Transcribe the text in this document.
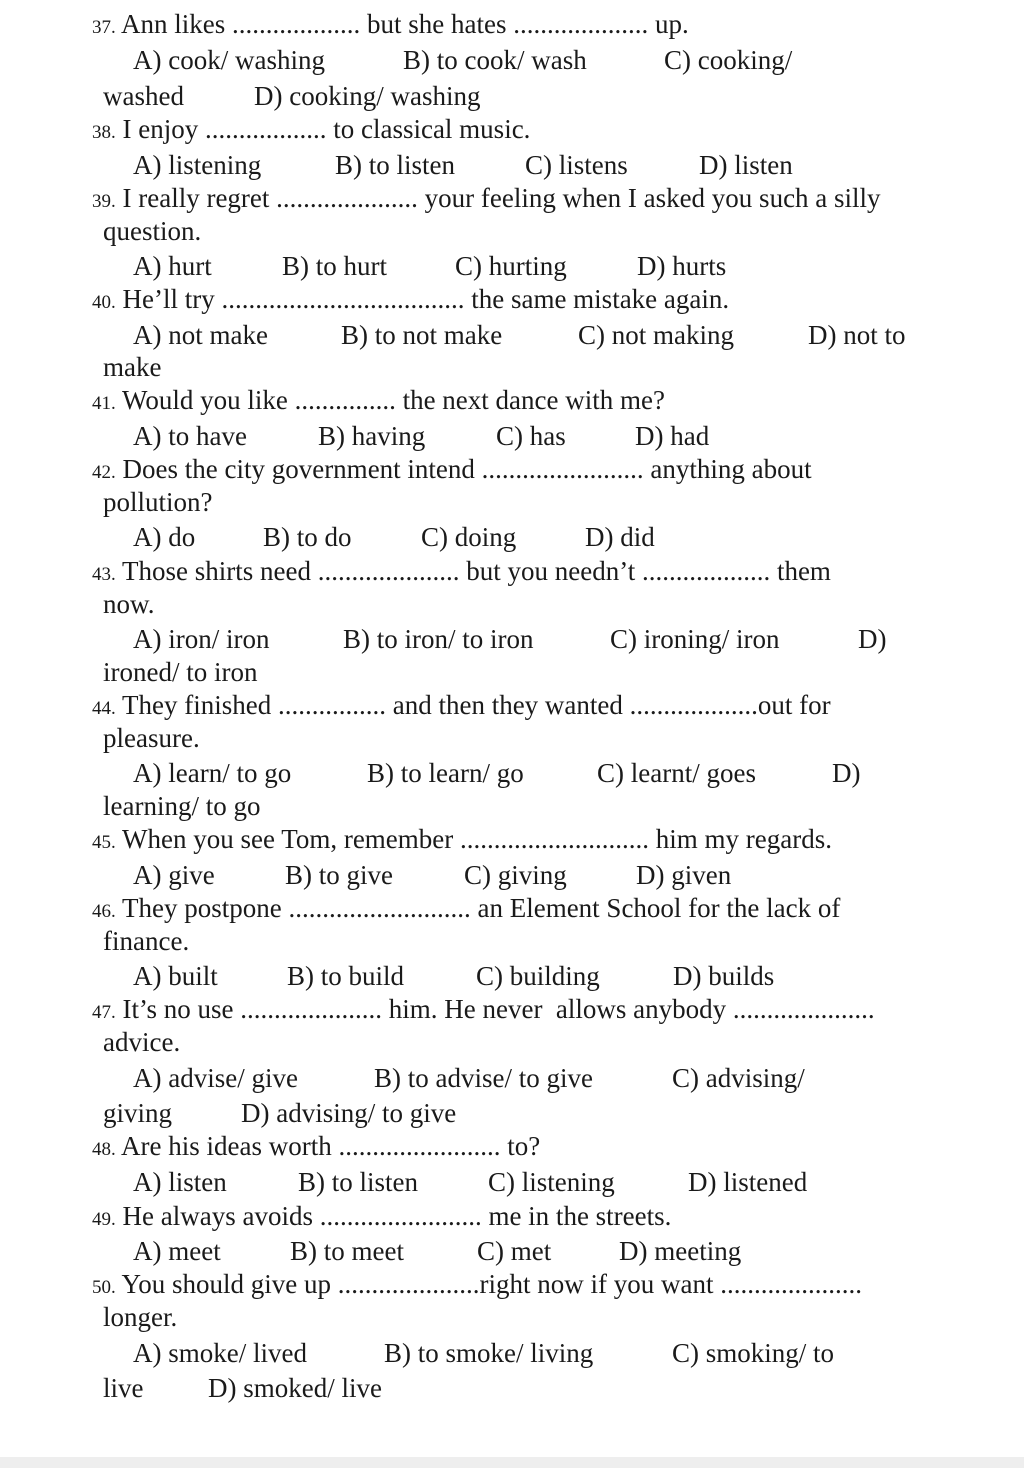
37. Ann likes ................... but she hates .................... up.
A) cook/ washing	B) to cook/ wash	C) cooking/
washed	D) cooking/ washing
38. I enjoy .................. to classical music.
A) listening	B) to listen	C) listens	D) listen
39. I really regret ..................... your feeling when I asked you such a silly
question.
A) hurt	B) to hurt	C) hurting	D) hurts
40. He’ll try .................................... the same mistake again.
A) not make	B) to not make	C) not making	D) not to
make
41. Would you like ............... the next dance with me?
A) to have	B) having	C) has	D) had
42. Does the city government intend ........................ anything about
pollution?
A) do	B) to do	C) doing	D) did
43. Those shirts need ..................... but you needn’t ................... them
now.
A) iron/ iron	B) to iron/ to iron	C) ironing/ iron	D)
ironed/ to iron
44. They finished ................ and then they wanted ...................out for
pleasure.
A) learn/ to go	B) to learn/ go	C) learnt/ goes	D)
learning/ to go
45. When you see Tom, remember ............................ him my regards.
A) give	B) to give	C) giving	D) given
46. They postpone ........................... an Element School for the lack of
finance.
A) built	B) to build	C) building	D) builds
47. It’s no use ..................... him. He never  allows anybody .....................
advice.
A) advise/ give	B) to advise/ to give	C) advising/
giving	D) advising/ to give
48. Are his ideas worth ........................ to?
A) listen	B) to listen	C) listening	D) listened
49. He always avoids ........................ me in the streets.
A) meet	B) to meet	C) met	D) meeting
50. You should give up .....................right now if you want .....................
longer.
A) smoke/ lived	B) to smoke/ living	C) smoking/ to
live D) smoked/ live
